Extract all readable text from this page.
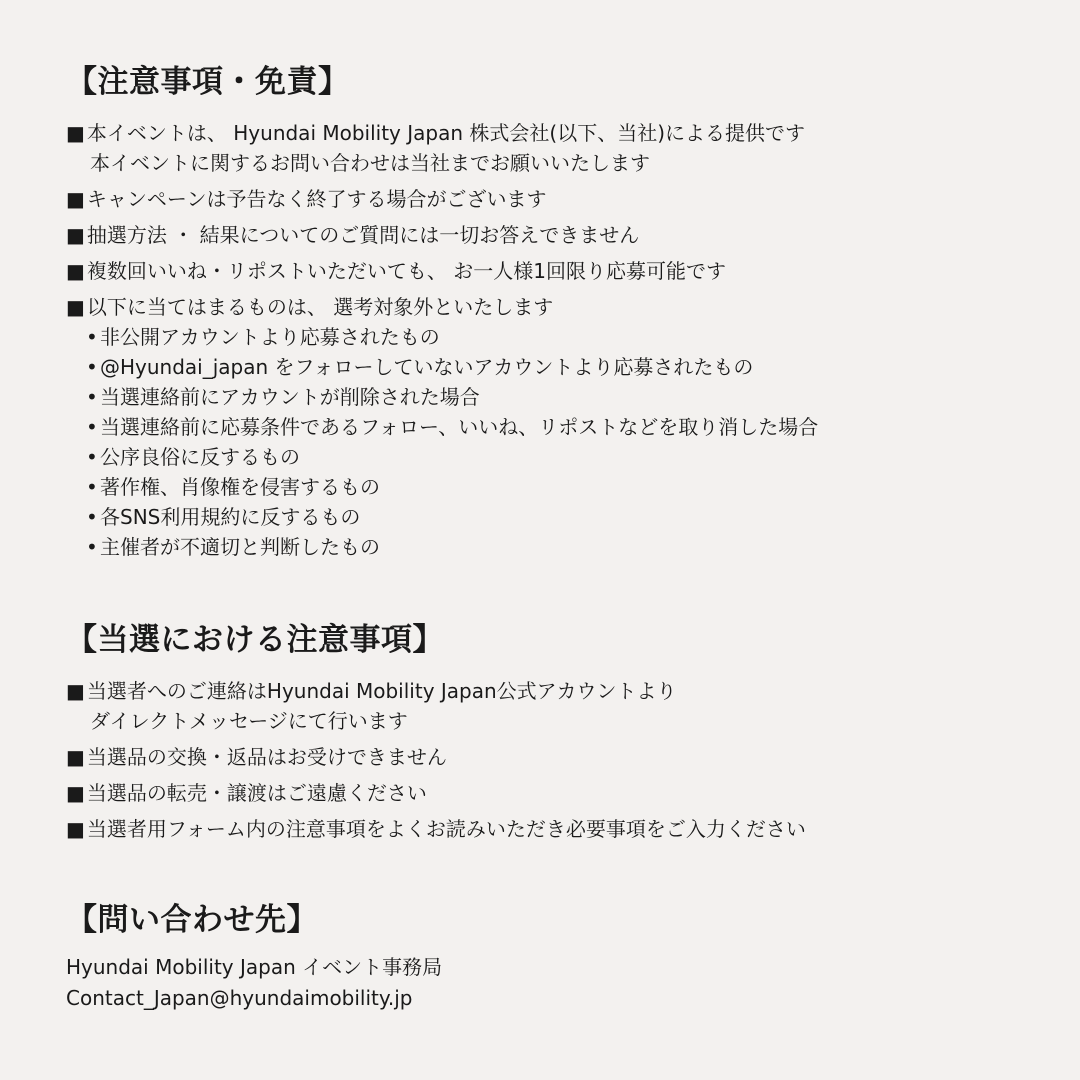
【注意事項・免責】

■ 本イベントは、 Hyundai Mobility Japan 株式会社(以下、当社)による提供です
本イベントに関するお問い合わせは当社までお願いいたします

■ キャンペーンは予告なく終了する場合がございます

■ 抽選方法 ・ 結果についてのご質問には一切お答えできません

■ 複数回いいね・リポストいただいても、 お一人様1回限り応募可能です

■ 以下に当てはまるものは、 選考対象外といたします
• 非公開アカウントより応募されたもの
• @Hyundai_japan をフォローしていないアカウントより応募されたもの
• 当選連絡前にアカウントが削除された場合
• 当選連絡前に応募条件であるフォロー、いいね、リポストなどを取り消した場合
• 公序良俗に反するもの
• 著作権、肖像権を侵害するもの
• 各SNS利用規約に反するもの
• 主催者が不適切と判断したもの
【当選における注意事項】

■ 当選者へのご連絡はHyundai Mobility Japan公式アカウントより
ダイレクトメッセージにて行います

■ 当選品の交換・返品はお受けできません

■ 当選品の転売・譲渡はご遠慮ください

■ 当選者用フォーム内の注意事項をよくお読みいただき必要事項をご入力ください

【問い合わせ先】
Hyundai Mobility Japan イベント事務局
Contact_Japan@hyundaimobility.jp
